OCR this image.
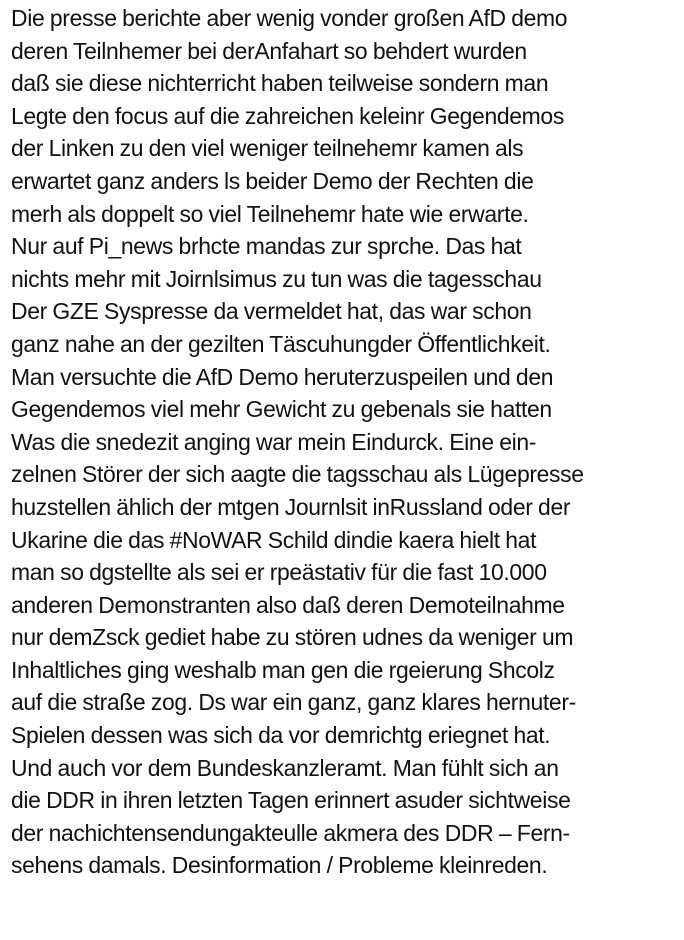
Die presse berichte aber wenig vonder großen AfD demo
deren Teilnhemer bei derAnfahart so behdert wurden
daß sie diese nichterricht haben teilweise sondern man
Legte den focus auf die zahreichen keleinr Gegendemos
der Linken zu den viel weniger teilnehemr kamen als
erwartet ganz anders ls beider Demo der Rechten die
merh als doppelt so viel Teilnehemr hate wie erwarte.
Nur auf Pi_news brhcte mandas zur sprche. Das hat
nichts mehr mit Joirnlsimus zu tun was die tagesschau
Der GZE Syspresse da vermeldet hat, das war schon
ganz nahe an der gezilten Täscuhungder Öffentlichkeit.
Man versuchte die AfD Demo heruterzuspeilen und den
Gegendemos viel mehr Gewicht zu gebenals sie hatten
Was die snedezit anging war mein Eindurck. Eine ein-
zelnen Störer der sich aagte die tagsschau als Lügepresse
huzstellen ählich der mtgen Journlsit inRussland oder der
Ukarine die das #NoWAR Schild dindie kaera hielt hat
man so dgstellte als sei er rpeästativ für die fast 10.000
anderen Demonstranten also daß deren Demoteilnahme
nur demZsck gediet habe zu stören udnes da weniger um
Inhaltliches ging weshalb man gen die rgeierung Shcolz
auf die straße zog. Ds war ein ganz, ganz klares hernuter-
Spielen dessen was sich da vor demrichtg eriegnet hat.
Und auch vor dem Bundeskanzleramt. Man fühlt sich an
die DDR in ihren letzten Tagen erinnert asuder sichtweise
der nachichtensendungakteulle akmera des DDR – Fern-
sehens damals. Desinformation / Probleme kleinreden.
